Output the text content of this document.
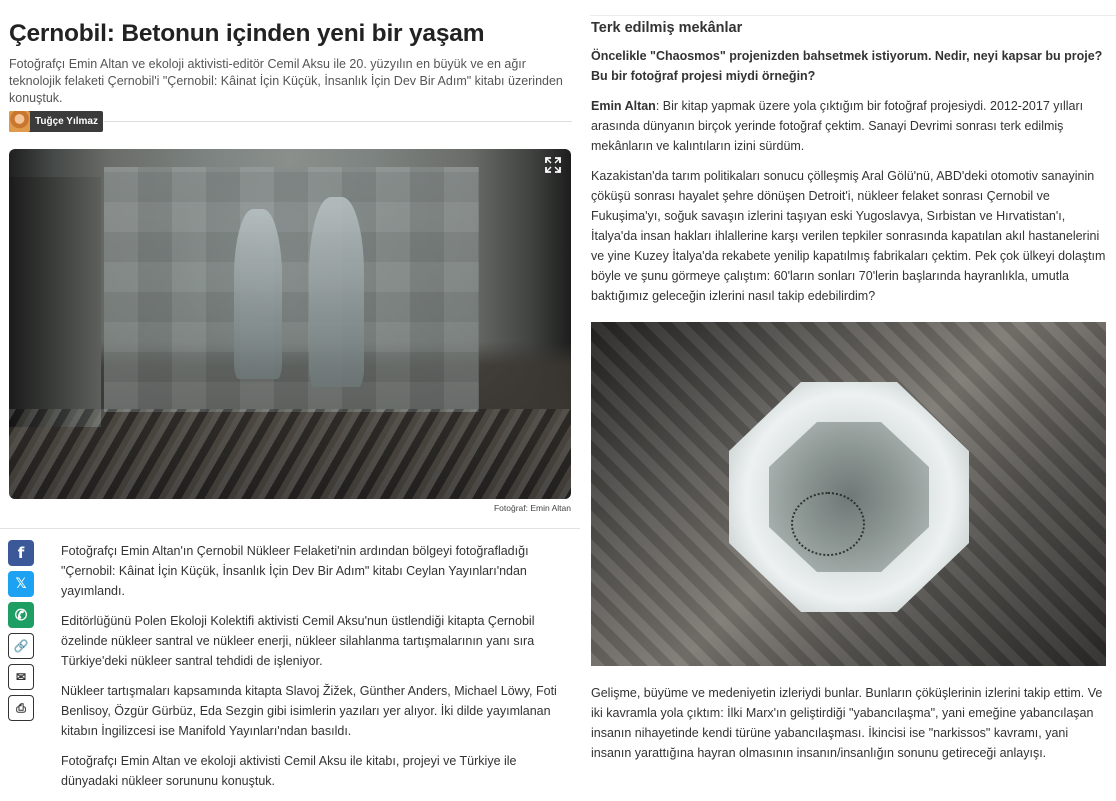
Çernobil: Betonun içinden yeni bir yaşam

Fotoğrafçı Emin Altan ve ekoloji aktivisti-editör Cemil Aksu ile 20. yüzyılın en büyük ve en ağır teknolojik felaketi Çernobil'i "Çernobil: Kâinat İçin Küçük, İnsanlık İçin Dev Bir Adım" kitabı üzerinden konuştuk.

Tuğçe Yılmaz

Fotoğraf: Emin Altan

f
𝕏
✆
🔗
✉
⎙

Fotoğrafçı Emin Altan'ın Çernobil Nükleer Felaketi'nin ardından bölgeyi fotoğrafladığı "Çernobil: Kâinat İçin Küçük, İnsanlık İçin Dev Bir Adım" kitabı Ceylan Yayınları'ndan yayımlandı.

Editörlüğünü Polen Ekoloji Kolektifi aktivisti Cemil Aksu'nun üstlendiği kitapta Çernobil özelinde nükleer santral ve nükleer enerji, nükleer silahlanma tartışmalarının yanı sıra Türkiye'deki nükleer santral tehdidi de işleniyor.

Nükleer tartışmaları kapsamında kitapta Slavoj Žižek, Günther Anders, Michael Löwy, Foti Benlisoy, Özgür Gürbüz, Eda Sezgin gibi isimlerin yazıları yer alıyor. İki dilde yayımlanan kitabın İngilizcesi ise Manifold Yayınları'ndan basıldı.

Fotoğrafçı Emin Altan ve ekoloji aktivisti Cemil Aksu ile kitabı, projeyi ve Türkiye ile dünyadaki nükleer sorununu konuştuk.

Terk edilmiş mekânlar

Öncelikle "Chaosmos" projenizden bahsetmek istiyorum. Nedir, neyi kapsar bu proje? Bu bir fotoğraf projesi miydi örneğin?

Emin Altan: Bir kitap yapmak üzere yola çıktığım bir fotoğraf projesiydi. 2012-2017 yılları arasında dünyanın birçok yerinde fotoğraf çektim. Sanayi Devrimi sonrası terk edilmiş mekânların ve kalıntıların izini sürdüm.

Kazakistan'da tarım politikaları sonucu çölleşmiş Aral Gölü'nü, ABD'deki otomotiv sanayinin çöküşü sonrası hayalet şehre dönüşen Detroit'i, nükleer felaket sonrası Çernobil ve Fukuşima'yı, soğuk savaşın izlerini taşıyan eski Yugoslavya, Sırbistan ve Hırvatistan'ı, İtalya'da insan hakları ihlallerine karşı verilen tepkiler sonrasında kapatılan akıl hastanelerini ve yine Kuzey İtalya'da rekabete yenilip kapatılmış fabrikaları çektim. Pek çok ülkeyi dolaştım böyle ve şunu görmeye çalıştım: 60'ların sonları 70'lerin başlarında hayranlıkla, umutla baktığımız geleceğin izlerini nasıl takip edebilirdim?

Gelişme, büyüme ve medeniyetin izleriydi bunlar. Bunların çöküşlerinin izlerini takip ettim. Ve iki kavramla yola çıktım: İlki Marx'ın geliştirdiği "yabancılaşma", yani emeğine yabancılaşan insanın nihayetinde kendi türüne yabancılaşması. İkincisi ise "narkissos" kavramı, yani insanın yarattığına hayran olmasının insanın/insanlığın sonunu getireceği anlayışı.
